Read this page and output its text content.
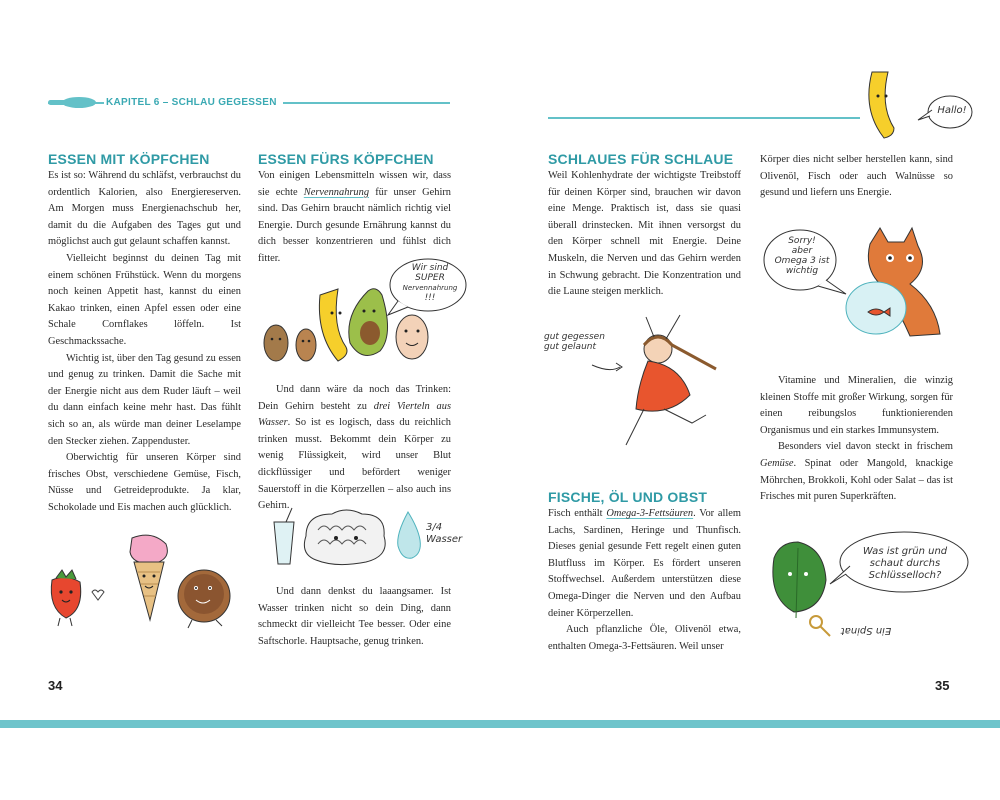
KAPITEL 6 – SCHLAU GEGESSEN
ESSEN MIT KÖPFCHEN

Es ist so: Während du schläfst, verbrauchst du ordentlich Kalorien, also Energiereserven. Am Morgen muss Energienachschub her, damit du die Aufgaben des Tages gut und möglichst auch gut gelaunt schaffen kannst.

Vielleicht beginnst du deinen Tag mit einem schönen Frühstück. Wenn du morgens noch keinen Appetit hast, kannst du einen Kakao trinken, einen Apfel essen oder eine Schale Cornflakes löffeln. Ist Geschmackssache.

Wichtig ist, über den Tag gesund zu essen und genug zu trinken. Damit die Sache mit der Energie nicht aus dem Ruder läuft – weil du dann einfach keine mehr hast. Das fühlt sich so an, als würde man deiner Leselampe den Stecker ziehen. Zappenduster.

Oberwichtig für unseren Körper sind frisches Obst, verschiedene Gemüse, Fisch, Nüsse und Getreideprodukte. Ja klar, Schokolade und Eis machen auch glücklich.

ESSEN FÜRS KÖPFCHEN

Von einigen Lebensmitteln wissen wir, dass sie echte Nervennahrung für unser Gehirn sind. Das Gehirn braucht nämlich richtig viel Energie. Durch gesunde Ernährung kannst du dich besser konzentrieren und fühlst dich fitter.

Wir sind
SUPER
Nervennahrung
!!!

Und dann wäre da noch das Trinken: Dein Gehirn besteht zu drei Vierteln aus Wasser. So ist es logisch, dass du reichlich trinken musst. Bekommt dein Körper zu wenig Flüssigkeit, wird unser Blut dickflüssiger und befördert weniger Sauerstoff in die Körperzellen – also auch ins Gehirn.

3/4
Wasser

Und dann denkst du laaangsamer. Ist Wasser trinken nicht so dein Ding, dann schmeckt dir vielleicht Tee besser. Oder eine Saftschorle. Hauptsache, genug trinken.

34
SCHLAUES FÜR SCHLAUE

Weil Kohlenhydrate der wichtigste Treibstoff für deinen Körper sind, brauchen wir davon eine Menge. Praktisch ist, dass sie quasi überall drinstecken. Mit ihnen versorgst du den Körper schnell mit Energie. Deine Muskeln, die Nerven und das Gehirn werden in Schwung gebracht. Die Konzentration und die Laune steigen merklich.

gut gegessen
gut gelaunt
FISCHE, ÖL UND OBST

Fisch enthält Omega-3-Fettsäuren. Vor allem Lachs, Sardinen, Heringe und Thunfisch. Dieses genial gesunde Fett regelt einen guten Blutfluss im Körper. Es fördert unseren Stoffwechsel. Außerdem unterstützen diese Omega-Dinger die Nerven und den Aufbau deiner Körperzellen.

Auch pflanzliche Öle, Olivenöl etwa, enthalten Omega-3-Fettsäuren. Weil unser

Hallo!

Körper dies nicht selber herstellen kann, sind Olivenöl, Fisch oder auch Walnüsse so gesund und liefern uns Energie.

Sorry!
aber
Omega 3 ist
wichtig

Vitamine und Mineralien, die winzig kleinen Stoffe mit großer Wirkung, sorgen für einen reibungslos funktionierenden Organismus und ein starkes Immunsystem.

Besonders viel davon steckt in frischem Gemüse. Spinat oder Mangold, knackige Möhrchen, Brokkoli, Kohl oder Salat – das ist Frisches mit puren Superkräften.

Was ist grün und
schaut durchs
Schlüsselloch?
Ein Spinat
35
